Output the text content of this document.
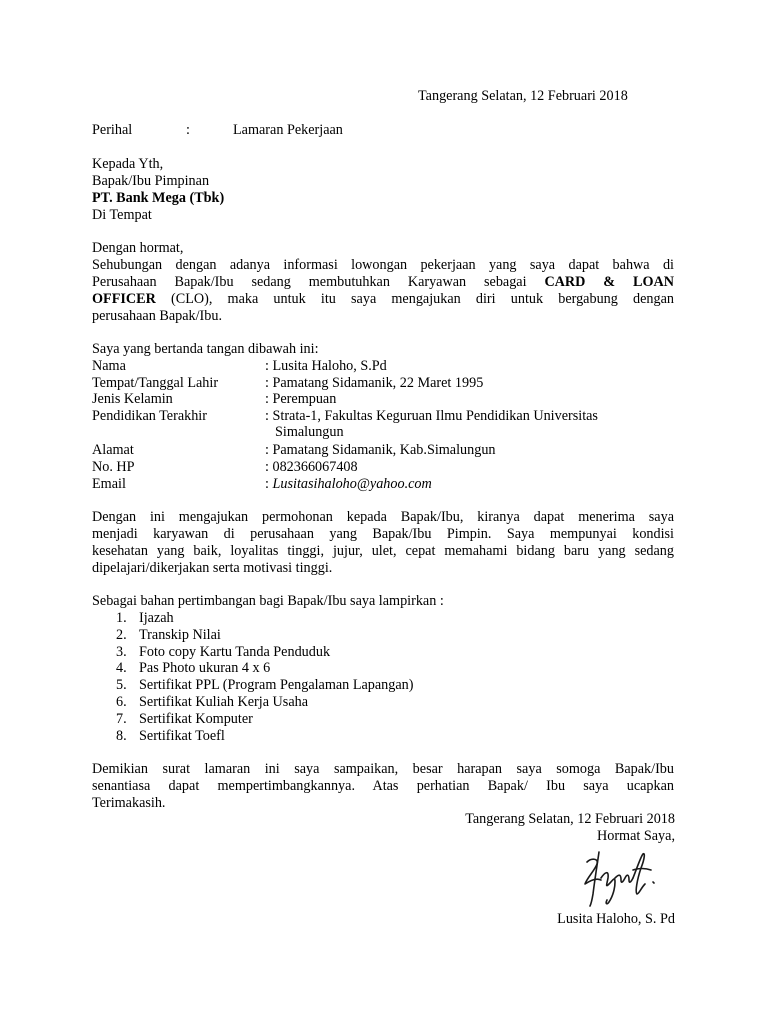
Tangerang Selatan, 12 Februari 2018
Perihal	:	Lamaran Pekerjaan
Kepada Yth,
Bapak/Ibu Pimpinan
PT. Bank Mega (Tbk)
Di Tempat
Dengan hormat,
Sehubungan dengan adanya informasi lowongan pekerjaan yang saya dapat bahwa di
Perusahaan Bapak/Ibu sedang membutuhkan Karyawan sebagai CARD & LOAN
OFFICER (CLO), maka untuk itu saya mengajukan diri untuk bergabung dengan
perusahaan Bapak/Ibu.
Saya yang bertanda tangan dibawah ini:
Nama	: Lusita Haloho, S.Pd
Tempat/Tanggal Lahir	: Pamatang Sidamanik, 22 Maret 1995
Jenis Kelamin	: Perempuan
Pendidikan Terakhir	: Strata-1, Fakultas Keguruan Ilmu Pendidikan Universitas
Simalungun
Alamat	: Pamatang Sidamanik, Kab.Simalungun
No. HP	: 082366067408
Email	: Lusitasihaloho@yahoo.com
Dengan ini mengajukan permohonan kepada Bapak/Ibu, kiranya dapat menerima saya
menjadi karyawan di perusahaan yang Bapak/Ibu Pimpin. Saya mempunyai kondisi
kesehatan yang baik, loyalitas tinggi, jujur, ulet, cepat memahami bidang baru yang sedang
dipelajari/dikerjakan serta motivasi tinggi.
Sebagai bahan pertimbangan bagi Bapak/Ibu saya lampirkan :
1. Ijazah
2. Transkip Nilai
3. Foto copy Kartu Tanda Penduduk
4. Pas Photo ukuran 4 x 6
5. Sertifikat PPL (Program Pengalaman Lapangan)
6. Sertifikat Kuliah Kerja Usaha
7. Sertifikat Komputer
8. Sertifikat Toefl
Demikian surat lamaran ini saya sampaikan, besar harapan saya somoga Bapak/Ibu
senantiasa dapat mempertimbangkannya. Atas perhatian Bapak/ Ibu saya ucapkan
Terimakasih.
Tangerang Selatan, 12 Februari 2018
Hormat Saya,
Lusita Haloho, S. Pd
